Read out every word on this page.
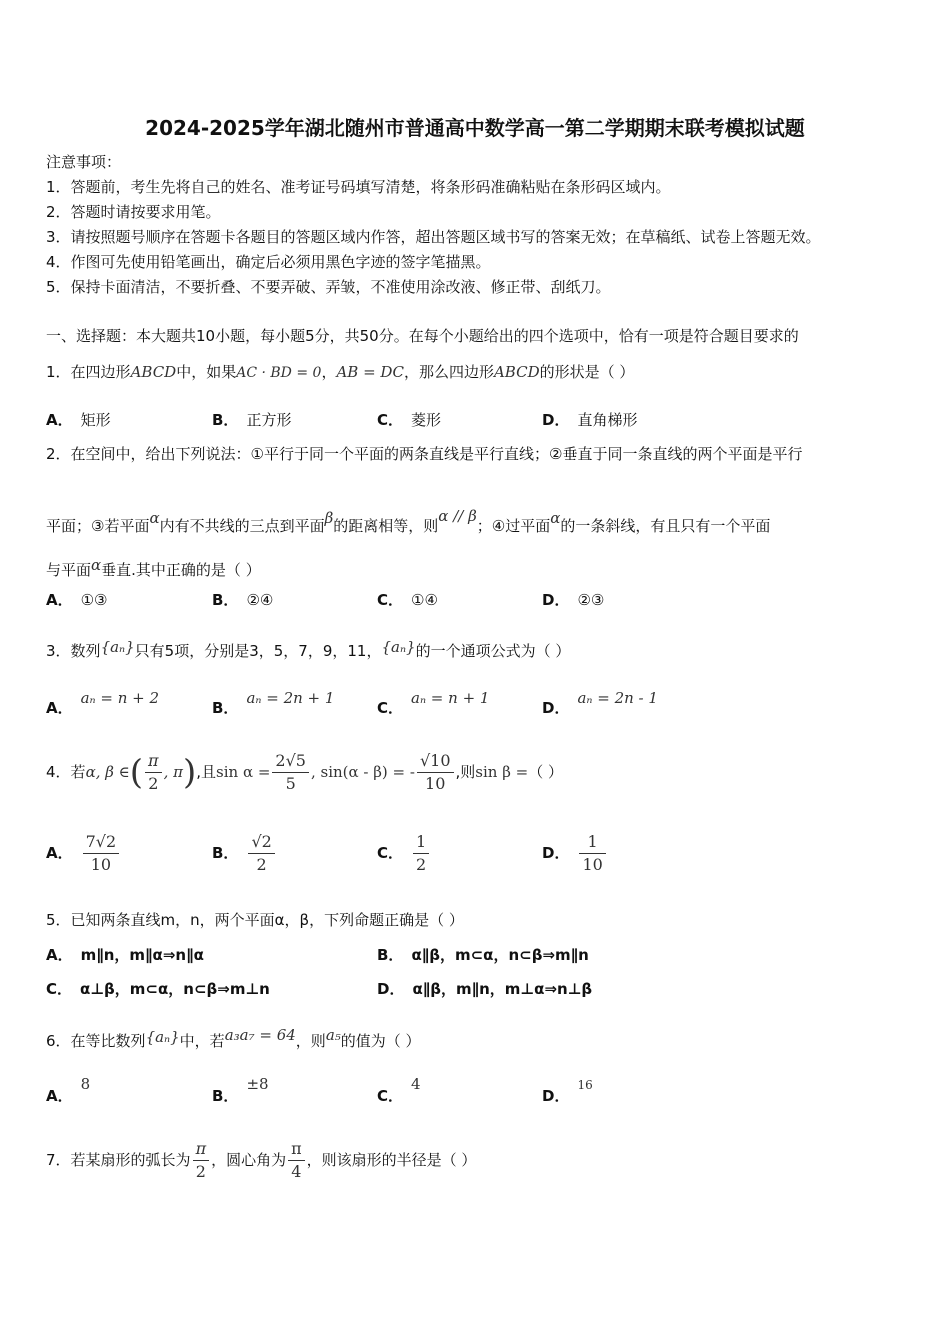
2024-2025学年湖北随州市普通高中数学高一第二学期期末联考模拟试题
注意事项：
1．答题前，考生先将自己的姓名、准考证号码填写清楚，将条形码准确粘贴在条形码区域内。
2．答题时请按要求用笔。
3．请按照题号顺序在答题卡各题目的答题区域内作答，超出答题区域书写的答案无效；在草稿纸、试卷上答题无效。
4．作图可先使用铅笔画出，确定后必须用黑色字迹的签字笔描黑。
5．保持卡面清洁，不要折叠、不要弄破、弄皱，不准使用涂改液、修正带、刮纸刀。
一、选择题：本大题共10小题，每小题5分，共50分。在每个小题给出的四个选项中，恰有一项是符合题目要求的
1．在四边形ABCD中，如果AC · BD = 0，AB = DC，那么四边形ABCD的形状是（ ）
A． 矩形	B． 正方形	C． 菱形	D． 直角梯形
2．在空间中，给出下列说法：①平行于同一个平面的两条直线是平行直线；②垂直于同一条直线的两个平面是平行
平面；③若平面α内有不共线的三点到平面β的距离相等，则α // β；④过平面α的一条斜线，有且只有一个平面
与平面α垂直.其中正确的是（ ）
A． ①③	B． ②④	C． ①④	D． ②③
3．数列{aₙ}只有5项，分别是3，5，7，9，11，{aₙ}的一个通项公式为（ ）
A．aₙ = n + 2
B．aₙ = 2n + 1
C．aₙ = n + 1
D．aₙ = 2n - 1
4．若α, β ∈( $\frac{\pi}{2}$ , π),且$\sin \alpha = \frac{2√5}{5}$ , sin(α - β) = - $\frac{√10}{10}$ ,则sin β =（ ）
A． $\frac{7√2}{10}$	B． $\frac{√2}{2}$	C． $\frac{1}{2}$	D． $\frac{1}{10}$
5．已知两条直线m，n，两个平面α，β，下列命题正确是（ ）
A． m∥n，m∥α⇒n∥α	B． α∥β，m⊂α，n⊂β⇒m∥n
C． α⊥β，m⊂α，n⊂β⇒m⊥n	D． α∥β，m∥n，m⊥α⇒n⊥β
6．在等比数列{aₙ}中，若a₃a₇ = 64，则a₅的值为（ ）
A．8
B．±8
C．4
D．16
7．若某扇形的弧长为 $\frac{\pi}{2}$ ，圆心角为 $\frac{\pi}{4}$ ，则该扇形的半径是（ ）
